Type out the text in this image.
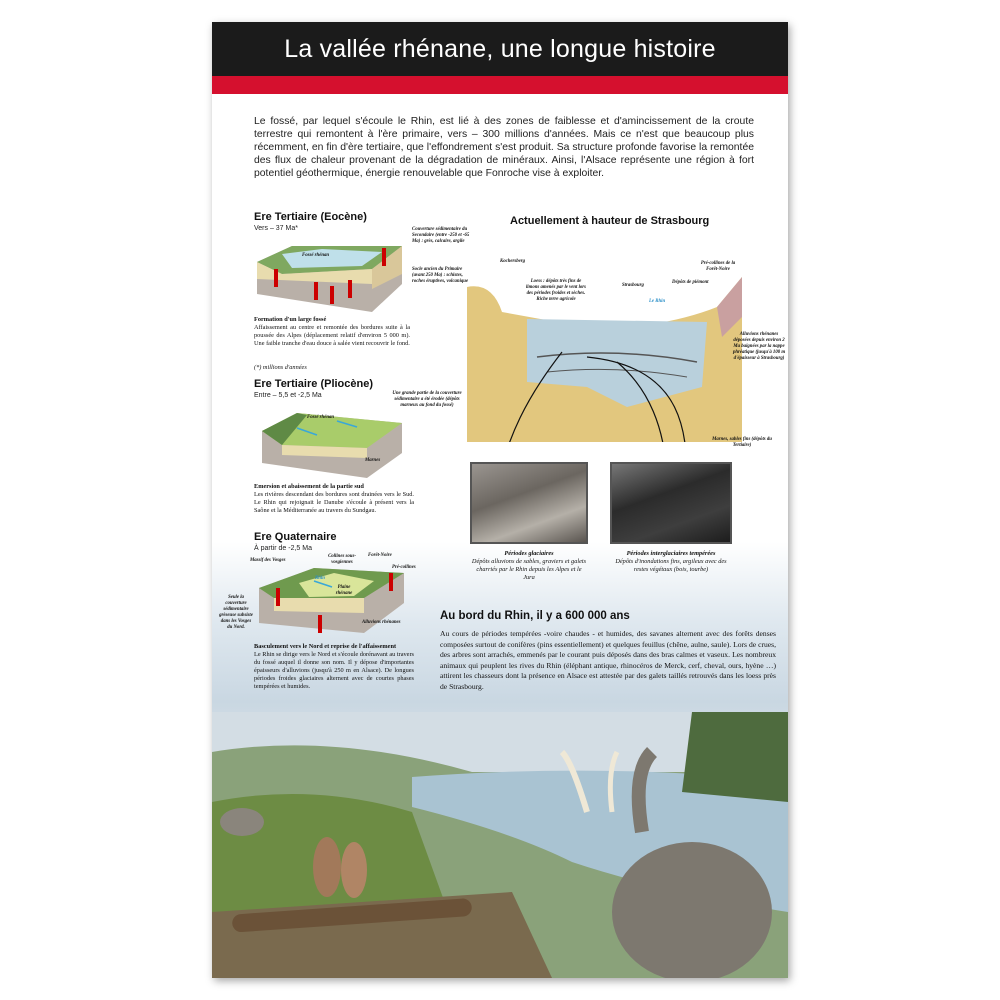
La vallée rhénane, une longue histoire

Le fossé, par lequel s'écoule le Rhin, est lié à des zones de faiblesse et d'amincissement de la croute terrestre qui remontent à l'ère primaire, vers – 300 millions d'années. Mais ce n'est que beaucoup plus récemment, en fin d'ère tertiaire, que l'effondrement s'est produit. Sa structure profonde favorise la remontée des flux de chaleur provenant de la dégradation de minéraux. Ainsi, l'Alsace représente une région à fort potentiel géothermique, énergie renouvelable que Fonroche vise à exploiter.

Ere Tertiaire (Eocène)
Vers – 37 Ma*
Fossé rhénan
Couverture sédimentaire du Secondaire (entre -250 et -65 Ma) : grès, calcaire, argile
Socle ancien du Primaire (avant 250 Ma) : schistes, roches éruptives, volcanique
Formation d'un large fossé
Affaissement au centre et remontée des bordures suite à la poussée des Alpes (déplacement relatif d'environ 5 000 m). Une faible tranche d'eau douce à salée vient recouvrir le fond.
(*) millions d'années
Ere Tertiaire (Pliocène)
Entre – 5,5 et -2,5 Ma
Fossé rhénan
Une grande partie de la couverture sédimentaire a été érodée (dépôts marneux au fond du fossé)
Marnes
Emersion et abaissement de la partie sud
Les rivières descendant des bordures sont drainées vers le Sud. Le Rhin qui rejoignait le Danube s'écoule à présent vers la Saône et la Méditerranée au travers du Sundgau.
Ere Quaternaire
À partir de -2,5 Ma
Massif des Vosges
Collines sous-vosgiennes
Forêt-Noire
Pré-collines
Rhin
Plaine rhénane
Seule la couverture sédimentaire grèseuse subsiste dans les Vosges du Nord.
Alluvions rhénanes
Basculement vers le Nord et reprise de l'affaissement
Le Rhin se dirige vers le Nord et s'écoule dorénavant au travers du fossé auquel il donne son nom. Il y dépose d'importantes épaisseurs d'alluvions (jusqu'à 250 m en Alsace). De longues périodes froides glaciaires alternent avec de courtes phases tempérées et humides.
Actuellement à hauteur de Strasbourg
Kochersberg
Loess : dépôts très fins de limons amenés par le vent lors des périodes froides et sèches. Riche terre agricole
Strasbourg
Le Rhin
Pré-collines de la Forêt-Noire
Dépôts de piémont
Alluvions rhénanes déposées depuis environ 2 Ma baignées par la nappe phréatique (jusqu'à 100 m d'épaisseur à Strasbourg)
Marnes, sables fins (dépôts du Tertiaire)
Périodes glaciaires
Dépôts alluvions de sables, graviers et galets charriés par le Rhin depuis les Alpes et le Jura
Périodes interglaciaires tempérées
Dépôts d'inondations fins, argileux avec des restes végétaux (bois, tourbe)
Au bord du Rhin, il y a 600 000 ans

Au cours de périodes tempérées -voire chaudes - et humides, des savanes alternent avec des forêts denses composées surtout de conifères (pins essentiellement) et quelques feuillus (chêne, aulne, saule). Lors de crues, des arbres sont arrachés, emmenés par le courant puis déposés dans des bras calmes et vaseux. Les nombreux animaux qui peuplent les rives du Rhin (éléphant antique, rhinocéros de Merck, cerf, cheval, ours, hyène …) attirent les chasseurs dont la présence en Alsace est attestée par des galets taillés retrouvés dans les loess près de Strasbourg.
